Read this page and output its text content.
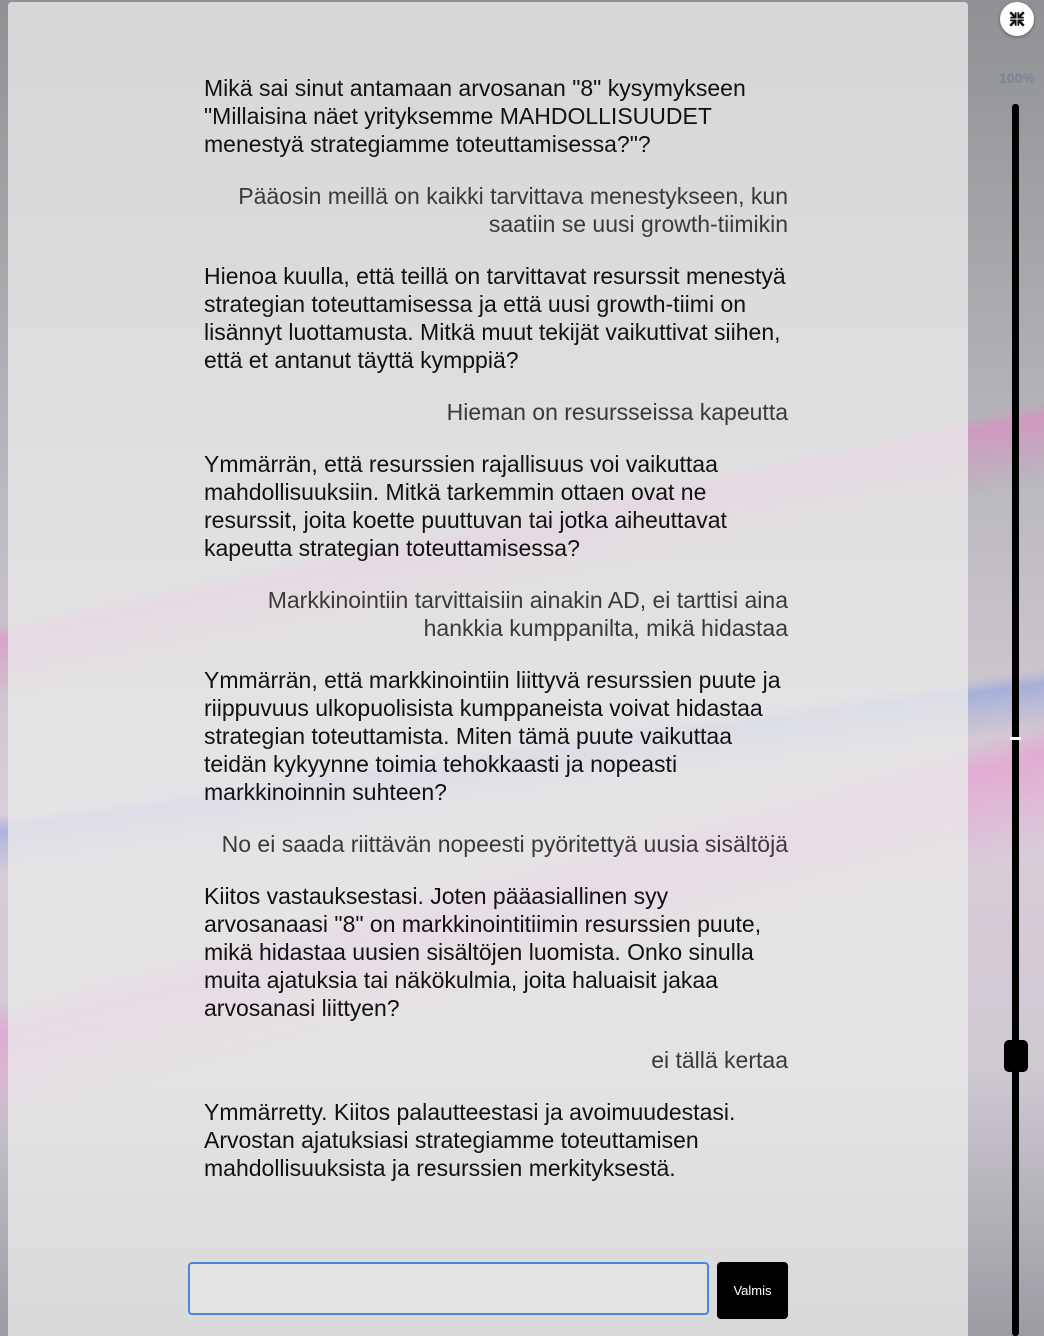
Mikä sai sinut antamaan arvosanan "8" kysymykseen "Millaisina näet yrityksemme MAHDOLLISUUDET menestyä strategiamme toteuttamisessa?"?
Pääosin meillä on kaikki tarvittava menestykseen, kun saatiin se uusi growth-tiimikin
Hienoa kuulla, että teillä on tarvittavat resurssit menestyä strategian toteuttamisessa ja että uusi growth-tiimi on lisännyt luottamusta. Mitkä muut tekijät vaikuttivat siihen, että et antanut täyttä kymppiä?
Hieman on resursseissa kapeutta
Ymmärrän, että resurssien rajallisuus voi vaikuttaa mahdollisuuksiin. Mitkä tarkemmin ottaen ovat ne resurssit, joita koette puuttuvan tai jotka aiheuttavat kapeutta strategian toteuttamisessa?
Markkinointiin tarvittaisiin ainakin AD, ei tarttisi aina hankkia kumppanilta, mikä hidastaa
Ymmärrän, että markkinointiin liittyvä resurssien puute ja riippuvuus ulkopuolisista kumppaneista voivat hidastaa strategian toteuttamista. Miten tämä puute vaikuttaa teidän kykyynne toimia tehokkaasti ja nopeasti markkinoinnin suhteen?
No ei saada riittävän nopeesti pyöritettyä uusia sisältöjä
Kiitos vastauksestasi. Joten pääasiallinen syy arvosanaasi "8" on markkinointitiimin resurssien puute, mikä hidastaa uusien sisältöjen luomista. Onko sinulla muita ajatuksia tai näkökulmia, joita haluaisit jakaa arvosanasi liittyen?
ei tällä kertaa
Ymmärretty. Kiitos palautteestasi ja avoimuudestasi. Arvostan ajatuksiasi strategiamme toteuttamisen mahdollisuuksista ja resurssien merkityksestä.
Valmis
100%
